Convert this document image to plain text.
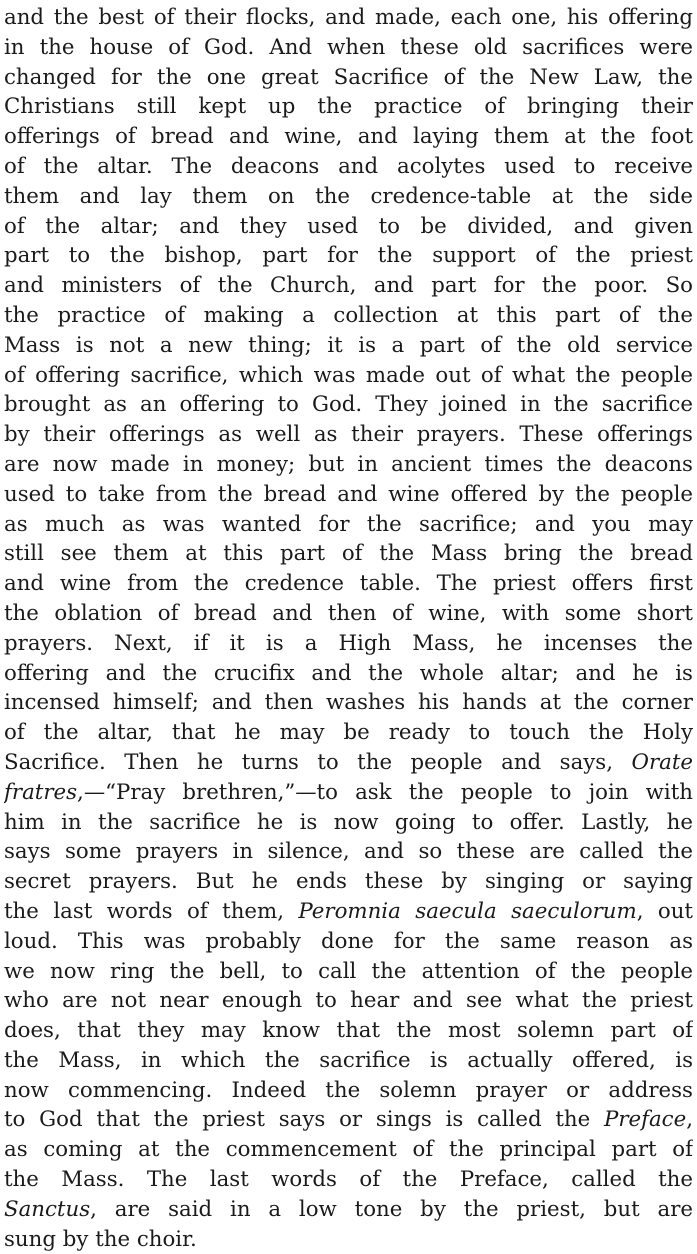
and the best of their flocks, and made, each one, his offering
in the house of God. And when these old sacrifices were
changed for the one great Sacrifice of the New Law, the
Christians still kept up the practice of bringing their
offerings of bread and wine, and laying them at the foot
of the altar. The deacons and acolytes used to receive
them and lay them on the credence-table at the side
of the altar; and they used to be divided, and given
part to the bishop, part for the support of the priest
and ministers of the Church, and part for the poor. So
the practice of making a collection at this part of the
Mass is not a new thing; it is a part of the old service
of offering sacrifice, which was made out of what the people
brought as an offering to God. They joined in the sacrifice
by their offerings as well as their prayers. These offerings
are now made in money; but in ancient times the deacons
used to take from the bread and wine offered by the people
as much as was wanted for the sacrifice; and you may
still see them at this part of the Mass bring the bread
and wine from the credence table. The priest offers first
the oblation of bread and then of wine, with some short
prayers. Next, if it is a High Mass, he incenses the
offering and the crucifix and the whole altar; and he is
incensed himself; and then washes his hands at the corner
of the altar, that he may be ready to touch the Holy
Sacrifice. Then he turns to the people and says, Orate
fratres,—“Pray brethren,”—to ask the people to join with
him in the sacrifice he is now going to offer. Lastly, he
says some prayers in silence, and so these are called the
secret prayers. But he ends these by singing or saying
the last words of them, Peromnia saecula saeculorum, out
loud. This was probably done for the same reason as
we now ring the bell, to call the attention of the people
who are not near enough to hear and see what the priest
does, that they may know that the most solemn part of
the Mass, in which the sacrifice is actually offered, is
now commencing. Indeed the solemn prayer or address
to God that the priest says or sings is called the Preface,
as coming at the commencement of the principal part of
the Mass. The last words of the Preface, called the
Sanctus, are said in a low tone by the priest, but are
sung by the choir.
